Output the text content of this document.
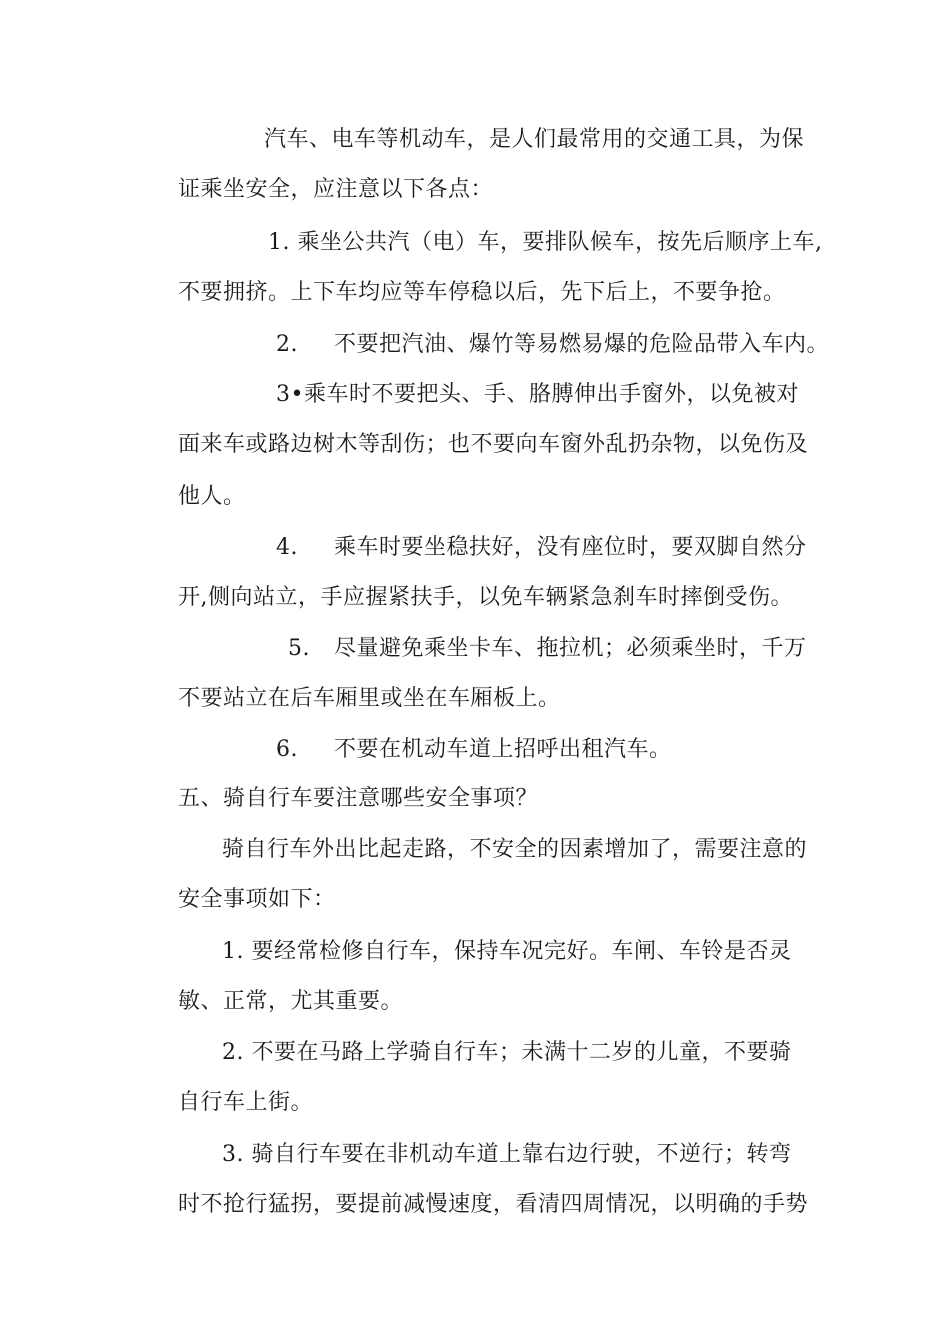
汽车、电车等机动车，是人们最常用的交通工具，为保
证乘坐安全，应注意以下各点：
1. 乘坐公共汽（电）车，要排队候车，按先后顺序上车,
不要拥挤。上下车均应等车停稳以后，先下后上，不要争抢。
2. 不要把汽油、爆竹等易燃易爆的危险品带入车内。
3•乘车时不要把头、手、胳膊伸出手窗外，以免被对
面来车或路边树木等刮伤；也不要向车窗外乱扔杂物，以免伤及
他人。
4. 乘车时要坐稳扶好，没有座位时，要双脚自然分
开,侧向站立，手应握紧扶手，以免车辆紧急刹车时摔倒受伤。
5. 尽量避免乘坐卡车、拖拉机；必须乘坐时，千万
不要站立在后车厢里或坐在车厢板上。
6. 不要在机动车道上招呼出租汽车。
五、骑自行车要注意哪些安全事项？
骑自行车外出比起走路，不安全的因素增加了，需要注意的
安全事项如下：
1. 要经常检修自行车，保持车况完好。车闸、车铃是否灵
敏、正常，尤其重要。
2. 不要在马路上学骑自行车；未满十二岁的儿童，不要骑
自行车上街。
3. 骑自行车要在非机动车道上靠右边行驶，不逆行；转弯
时不抢行猛拐，要提前减慢速度，看清四周情况，以明确的手势
